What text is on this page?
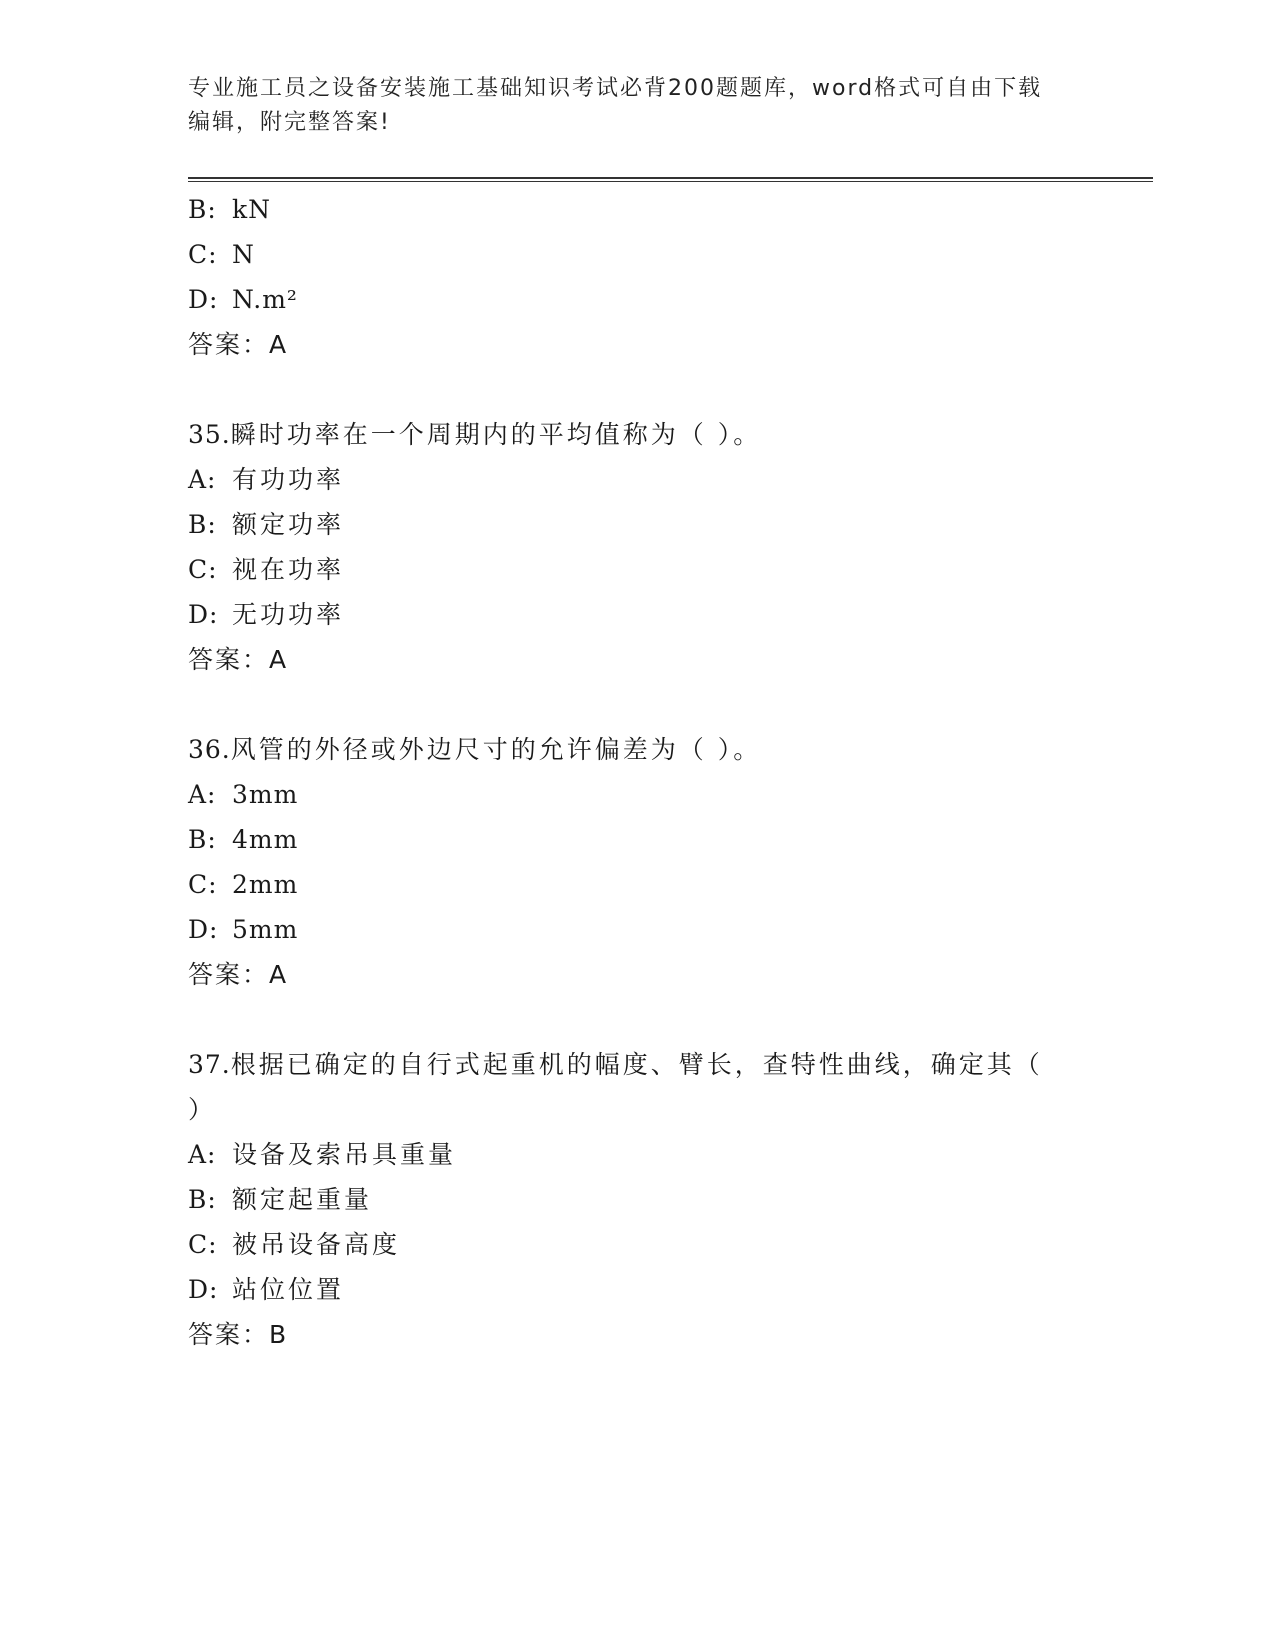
专业施工员之设备安装施工基础知识考试必背200题题库，word格式可自由下载
编辑，附完整答案!
B: kN
C: N
D: N.m²
答案：A
35.瞬时功率在一个周期内的平均值称为（ ）。
A: 有功功率
B: 额定功率
C: 视在功率
D: 无功功率
答案：A
36.风管的外径或外边尺寸的允许偏差为（ ）。
A: 3mm
B: 4mm
C: 2mm
D: 5mm
答案：A
37.根据已确定的自行式起重机的幅度、臂长，查特性曲线，确定其（
）
A: 设备及索吊具重量
B: 额定起重量
C: 被吊设备高度
D: 站位位置
答案：B
